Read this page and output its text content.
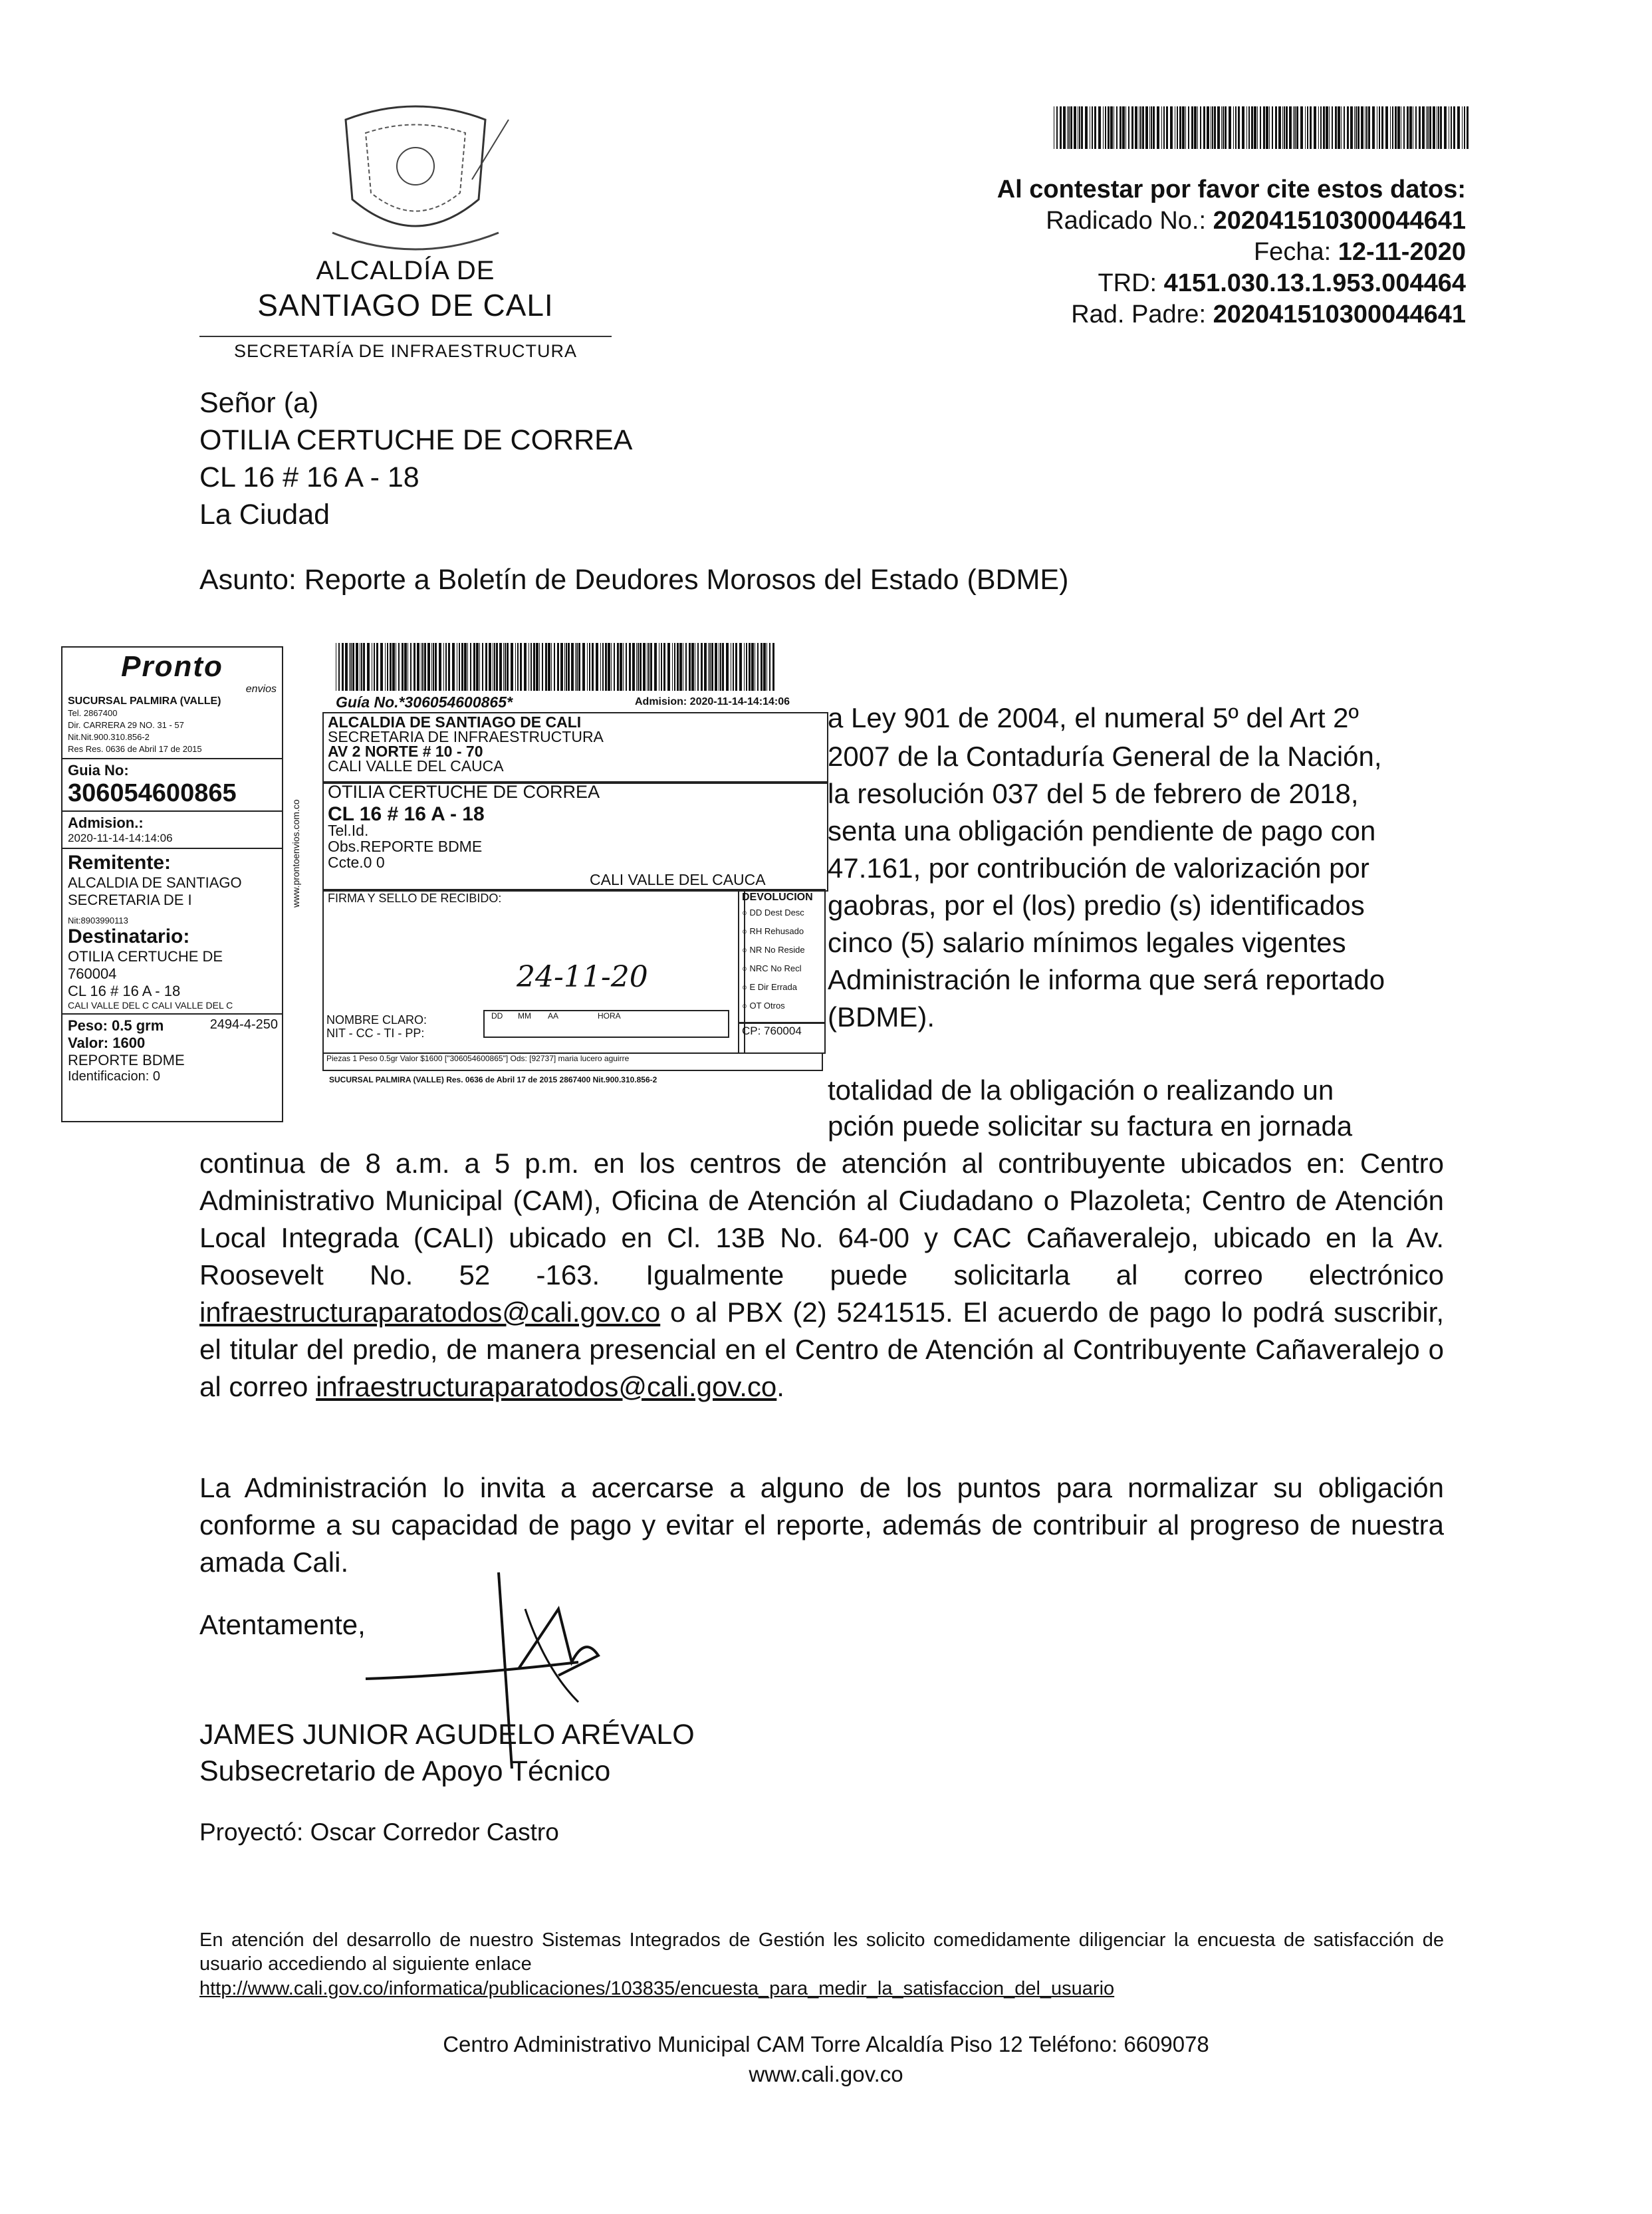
ALCALDÍA DE
SANTIAGO DE CALI
SECRETARÍA DE INFRAESTRUCTURA
Al contestar por favor cite estos datos:
Radicado No.: 202041510300044641
Fecha: 12-11-2020
TRD: 4151.030.13.1.953.004464
Rad. Padre: 202041510300044641
Señor (a)
OTILIA CERTUCHE DE CORREA
CL 16 # 16 A - 18
La Ciudad
Asunto: Reporte a Boletín de Deudores Morosos del Estado (BDME)
a Ley 901 de 2004, el numeral 5º del Art 2º
2007 de la Contaduría General de la Nación,
la resolución 037 del 5 de febrero de 2018,
senta una obligación pendiente de pago con
47.161, por contribución de valorización por
gaobras, por el (los) predio (s) identificados
cinco (5) salario mínimos legales vigentes
Administración le informa que será reportado
(BDME).
totalidad de la obligación o realizando un
pción puede solicitar su factura en jornada

continua de 8 a.m. a 5 p.m. en los centros de atención al contribuyente ubicados en: Centro Administrativo Municipal (CAM), Oficina de Atención al Ciudadano o Plazoleta; Centro de Atención Local Integrada (CALI) ubicado en Cl. 13B No. 64-00 y CAC Cañaveralejo, ubicado en la Av. Roosevelt No. 52 -163. Igualmente puede solicitarla al correo electrónico infraestructuraparatodos@cali.gov.co o al PBX (2) 5241515. El acuerdo de pago lo podrá suscribir, el titular del predio, de manera presencial en el Centro de Atención al Contribuyente Cañaveralejo o al correo infraestructuraparatodos@cali.gov.co.

La Administración lo invita a acercarse a alguno de los puntos para normalizar su obligación conforme a su capacidad de pago y evitar el reporte, además de contribuir al progreso de nuestra amada Cali.
Atentamente,
JAMES JUNIOR AGUDELO ARÉVALO
Subsecretario de Apoyo Técnico
Proyectó: Oscar Corredor Castro
En atención del desarrollo de nuestro Sistemas Integrados de Gestión les solicito comedidamente diligenciar la encuesta de satisfacción de usuario accediendo al siguiente enlace
http://www.cali.gov.co/informatica/publicaciones/103835/encuesta_para_medir_la_satisfaccion_del_usuario
Centro Administrativo Municipal CAM Torre Alcaldía Piso 12 Teléfono: 6609078
www.cali.gov.co
Pronto
envios
SUCURSAL PALMIRA (VALLE)
Tel. 2867400
Dir. CARRERA 29 NO. 31 - 57
Nit.Nit.900.310.856-2
Res Res. 0636 de Abril 17 de 2015
Guia No:
306054600865
Admision.:
2020-11-14-14:14:06
Remitente:
ALCALDIA DE SANTIAGO
SECRETARIA DE I
Nit:8903990113
Destinatario:
OTILIA CERTUCHE DE
760004
CL 16 # 16 A - 18
CALI VALLE DEL C CALI VALLE DEL C
Peso: 0.5 grm
Valor: 1600
2494-4-250
REPORTE BDME
Identificacion: 0
Guía No.*306054600865*	Admision: 2020-11-14-14:14:06
www.prontoenvios.com.co
ALCALDIA DE SANTIAGO DE CALI
SECRETARIA DE INFRAESTRUCTURA
AV 2 NORTE # 10 - 70
CALI VALLE DEL CAUCA
OTILIA CERTUCHE DE CORREA
CL 16 # 16 A - 18
Tel.Id.
Obs.REPORTE BDME
Ccte.0 0
CALI VALLE DEL CAUCA
FIRMA Y SELLO DE RECIBIDO:
24-11-20
NOMBRE CLARO:
NIT - CC - TI - PP:
DD MM AA	HORA
DEVOLUCION
○ DD Dest Desc
○ RH Rehusado
○ NR No Reside
○ NRC No Recl
○ E Dir Errada
○ OT Otros
CP: 760004
Piezas 1 Peso 0.5gr Valor $1600 ["306054600865"] Ods: [92737] maria lucero aguirre
SUCURSAL PALMIRA (VALLE) Res. 0636 de Abril 17 de 2015 2867400 Nit.900.310.856-2
